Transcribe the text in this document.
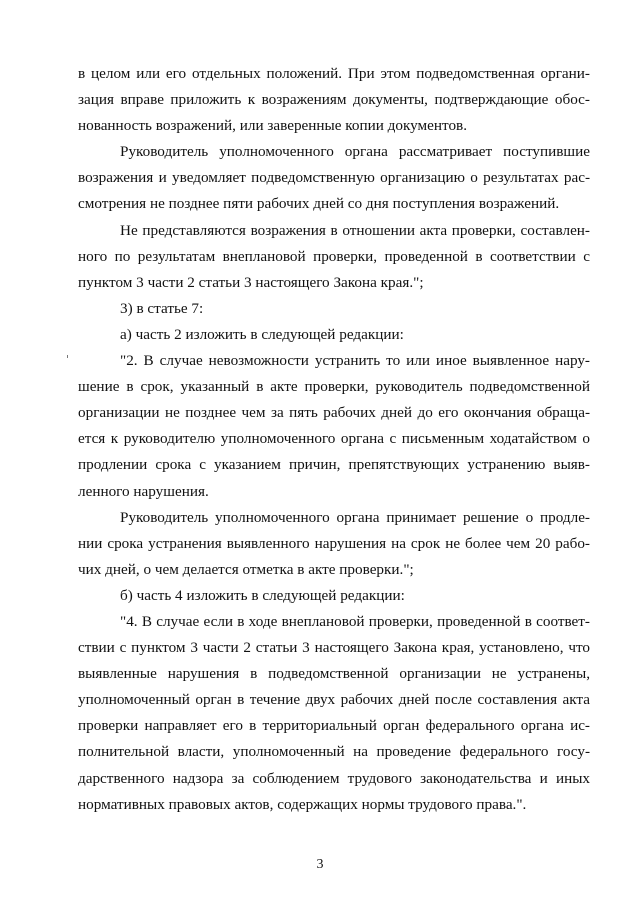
в целом или его отдельных положений. При этом подведомственная органи-

зация вправе приложить к возражениям документы, подтверждающие обос-

нованность возражений, или заверенные копии документов.

Руководитель уполномоченного органа рассматривает поступившие

возражения и уведомляет подведомственную организацию о результатах рас-

смотрения не позднее пяти рабочих дней со дня поступления возражений.

Не представляются возражения в отношении акта проверки, составлен-

ного по результатам внеплановой проверки, проведенной в соответствии с

пунктом 3 части 2 статьи 3 настоящего Закона края.";

3) в статье 7:

а) часть 2 изложить в следующей редакции:

"2. В случае невозможности устранить то или иное выявленное нару-

шение в срок, указанный в акте проверки, руководитель подведомственной

организации не позднее чем за пять рабочих дней до его окончания обраща-

ется к руководителю уполномоченного органа с письменным ходатайством о

продлении срока с указанием причин, препятствующих устранению выяв-

ленного нарушения.

Руководитель уполномоченного органа принимает решение о продле-

нии срока устранения выявленного нарушения на срок не более чем 20 рабо-

чих дней, о чем делается отметка в акте проверки.";

б) часть 4 изложить в следующей редакции:

"4. В случае если в ходе внеплановой проверки, проведенной в соответ-

ствии с пунктом 3 части 2 статьи 3 настоящего Закона края, установлено, что

выявленные нарушения в подведомственной организации не устранены,

уполномоченный орган в течение двух рабочих дней после составления акта

проверки направляет его в территориальный орган федерального органа ис-

полнительной власти, уполномоченный на проведение федерального госу-

дарственного надзора за соблюдением трудового законодательства и иных

нормативных правовых актов, содержащих нормы трудового права.".

3
